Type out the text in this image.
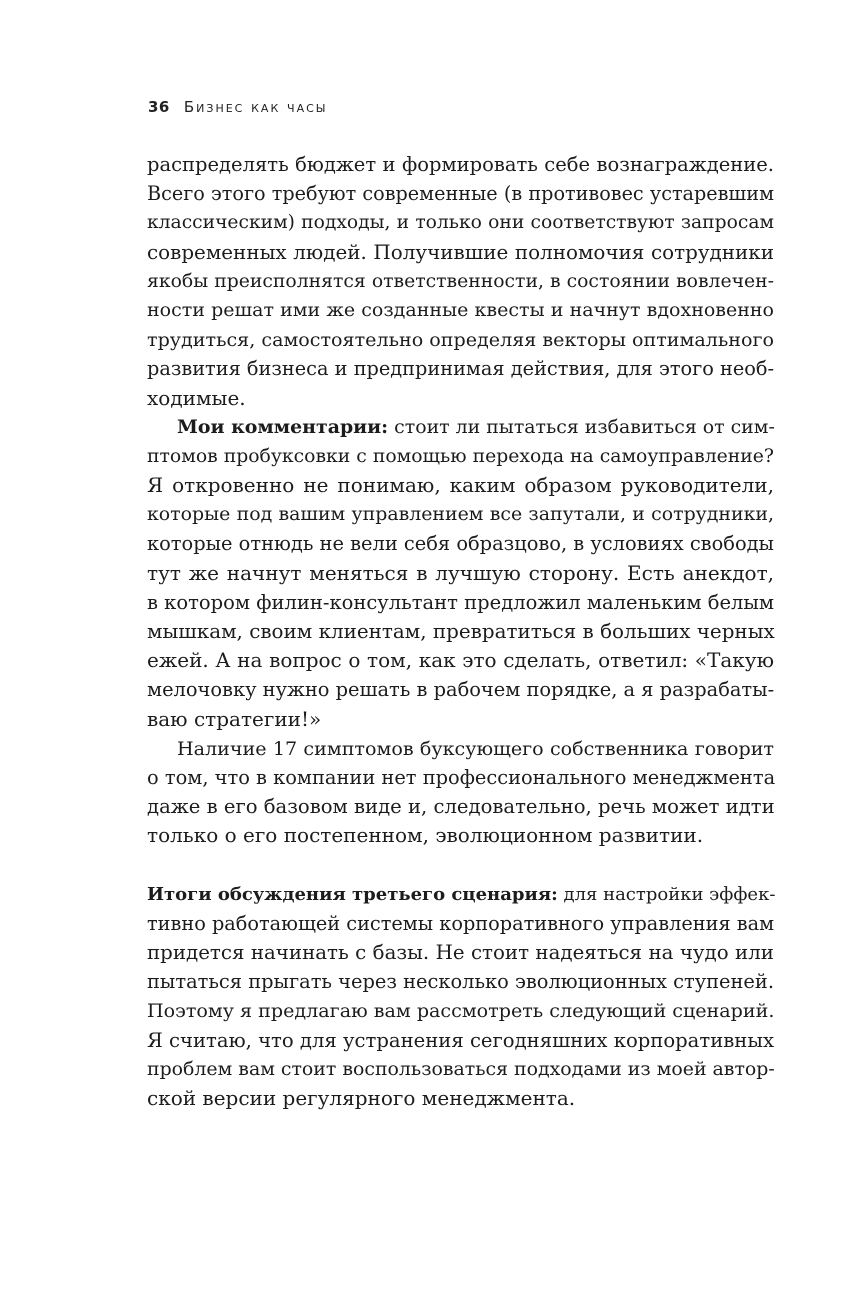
36 Бизнес как часы
распределять бюджет и формировать себе вознаграждение.
Всего этого требуют современные (в противовес устаревшим
классическим) подходы, и только они соответствуют запросам
современных людей. Получившие полномочия сотрудники
якобы преисполнятся ответственности, в состоянии вовлечен-
ности решат ими же созданные квесты и начнут вдохновенно
трудиться, самостоятельно определяя векторы оптимального
развития бизнеса и предпринимая действия, для этого необ-
ходимые.
Мои комментарии: стоит ли пытаться избавиться от сим-
птомов пробуксовки с помощью перехода на самоуправление?
Я откровенно не понимаю, каким образом руководители,
которые под вашим управлением все запутали, и сотрудники,
которые отнюдь не вели себя образцово, в условиях свободы
тут же начнут меняться в лучшую сторону. Есть анекдот,
в котором филин-консультант предложил маленьким белым
мышкам, своим клиентам, превратиться в больших черных
ежей. А на вопрос о том, как это сделать, ответил: «Такую
мелочовку нужно решать в рабочем порядке, а я разрабаты-
ваю стратегии!»
Наличие 17 симптомов буксующего собственника говорит
о том, что в компании нет профессионального менеджмента
даже в его базовом виде и, следовательно, речь может идти
только о его постепенном, эволюционном развитии.
Итоги обсуждения третьего сценария: для настройки эффек-
тивно работающей системы корпоративного управления вам
придется начинать с базы. Не стоит надеяться на чудо или
пытаться прыгать через несколько эволюционных ступеней.
Поэтому я предлагаю вам рассмотреть следующий сценарий.
Я считаю, что для устранения сегодняшних корпоративных
проблем вам стоит воспользоваться подходами из моей автор-
ской версии регулярного менеджмента.
